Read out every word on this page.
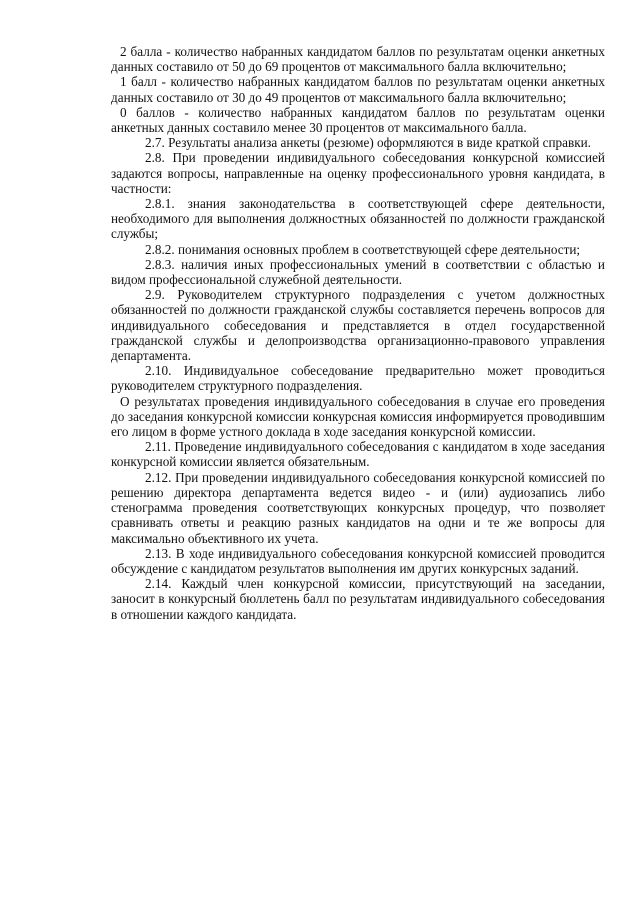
2 балла - количество набранных кандидатом баллов по результатам оценки анкетных данных составило от 50 до 69 процентов от максимального балла включительно;

1 балл - количество набранных кандидатом баллов по результатам оценки анкетных данных составило от 30 до 49 процентов от максимального балла включительно;

0 баллов - количество набранных кандидатом баллов по результатам оценки анкетных данных составило менее 30 процентов от максимального балла.

2.7. Результаты анализа анкеты (резюме) оформляются в виде краткой справки.

2.8. При проведении индивидуального собеседования конкурсной комиссией задаются вопросы, направленные на оценку профессионального уровня кандидата, в частности:

2.8.1. знания законодательства в соответствующей сфере деятельности, необходимого для выполнения должностных обязанностей по должности гражданской службы;

2.8.2. понимания основных проблем в соответствующей сфере деятельности;

2.8.3. наличия иных профессиональных умений в соответствии с областью и видом профессиональной служебной деятельности.

2.9. Руководителем структурного подразделения с учетом должностных обязанностей по должности гражданской службы составляется перечень вопросов для индивидуального собеседования и представляется в отдел государственной гражданской службы и делопроизводства организационно-правового управления департамента.

2.10. Индивидуальное собеседование предварительно может проводиться руководителем структурного подразделения.

О результатах проведения индивидуального собеседования в случае его проведения до заседания конкурсной комиссии конкурсная комиссия информируется проводившим его лицом в форме устного доклада в ходе заседания конкурсной комиссии.

2.11. Проведение индивидуального собеседования с кандидатом в ходе заседания конкурсной комиссии является обязательным.

2.12. При проведении индивидуального собеседования конкурсной комиссией по решению директора департамента ведется видео - и (или) аудиозапись либо стенограмма проведения соответствующих конкурсных процедур, что позволяет сравнивать ответы и реакцию разных кандидатов на одни и те же вопросы для максимально объективного их учета.

2.13. В ходе индивидуального собеседования конкурсной комиссией проводится обсуждение с кандидатом результатов выполнения им других конкурсных заданий.

2.14. Каждый член конкурсной комиссии, присутствующий на заседании, заносит в конкурсный бюллетень балл по результатам индивидуального собеседования в отношении каждого кандидата.
